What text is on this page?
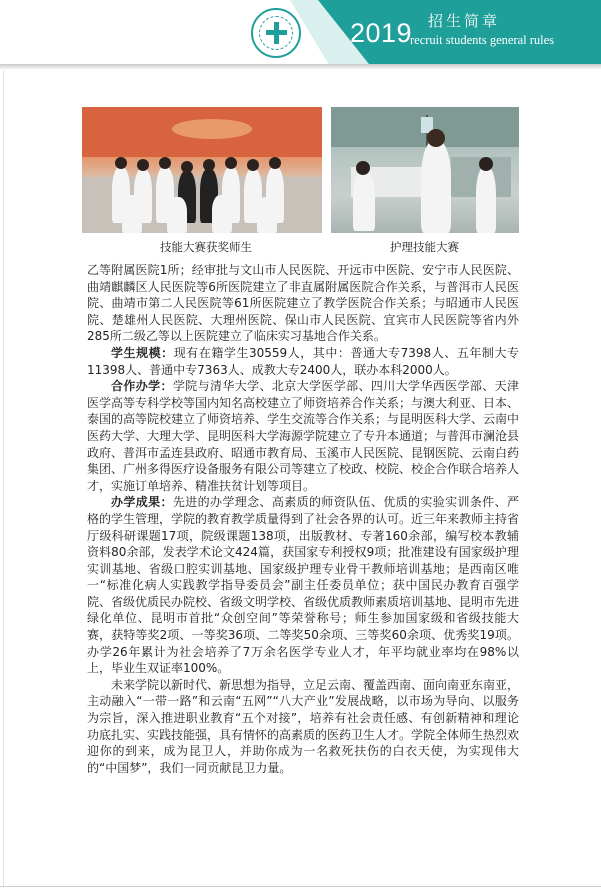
2019 招生简章
recruit students general rules
技能大赛获奖师生	护理技能大赛

乙等附属医院1所；经审批与文山市人民医院、开远市中医院、安宁市人民医院、曲靖麒麟区人民医院等6所医院建立了非直属附属医院合作关系，与普洱市人民医院、曲靖市第二人民医院等61所医院建立了教学医院合作关系；与昭通市人民医院、楚雄州人民医院、大理州医院、保山市人民医院、宜宾市人民医院等省内外285所二级乙等以上医院建立了临床实习基地合作关系。

学生规模：现有在籍学生30559人，其中：普通大专7398人、五年制大专11398人、普通中专7363人、成教大专2400人，联办本科2000人。

合作办学：学院与清华大学、北京大学医学部、四川大学华西医学部、天津医学高等专科学校等国内知名高校建立了师资培养合作关系；与澳大利亚、日本、泰国的高等院校建立了师资培养、学生交流等合作关系；与昆明医科大学、云南中医药大学、大理大学、昆明医科大学海源学院建立了专升本通道；与普洱市澜沧县政府、普洱市孟连县政府、昭通市教育局、玉溪市人民医院、昆钢医院、云南白药集团、广州多得医疗设备服务有限公司等建立了校政、校院、校企合作联合培养人才，实施订单培养、精准扶贫计划等项目。

办学成果：先进的办学理念、高素质的师资队伍、优质的实验实训条件、严格的学生管理，学院的教育教学质量得到了社会各界的认可。近三年来教师主持省厅级科研课题17项，院级课题138项，出版教材、专著160余部，编写校本教辅资料80余部，发表学术论文424篇，获国家专利授权9项；批准建设有国家级护理实训基地、省级口腔实训基地、国家级护理专业骨干教师培训基地；是西南区唯一“标准化病人实践教学指导委员会”副主任委员单位；获中国民办教育百强学院、省级优质民办院校、省级文明学校、省级优质教师素质培训基地、昆明市先进绿化单位、昆明市首批“众创空间”等荣誉称号；师生参加国家级和省级技能大赛，获特等奖2项、一等奖36项、二等奖50余项、三等奖60余项、优秀奖19项。办学26年累计为社会培养了7万余名医学专业人才，年平均就业率均在98%以上，毕业生双证率100%。

未来学院以新时代、新思想为指导，立足云南、覆盖西南、面向南亚东南亚，主动融入“一带一路”和云南“五网”“八大产业”发展战略，以市场为导向、以服务为宗旨，深入推进职业教育“五个对接”，培养有社会责任感、有创新精神和理论功底扎实、实践技能强，具有情怀的高素质的医药卫生人才。学院全体师生热烈欢迎你的到来，成为昆卫人，并助你成为一名救死扶伤的白衣天使，为实现伟大的“中国梦”，我们一同贡献昆卫力量。
